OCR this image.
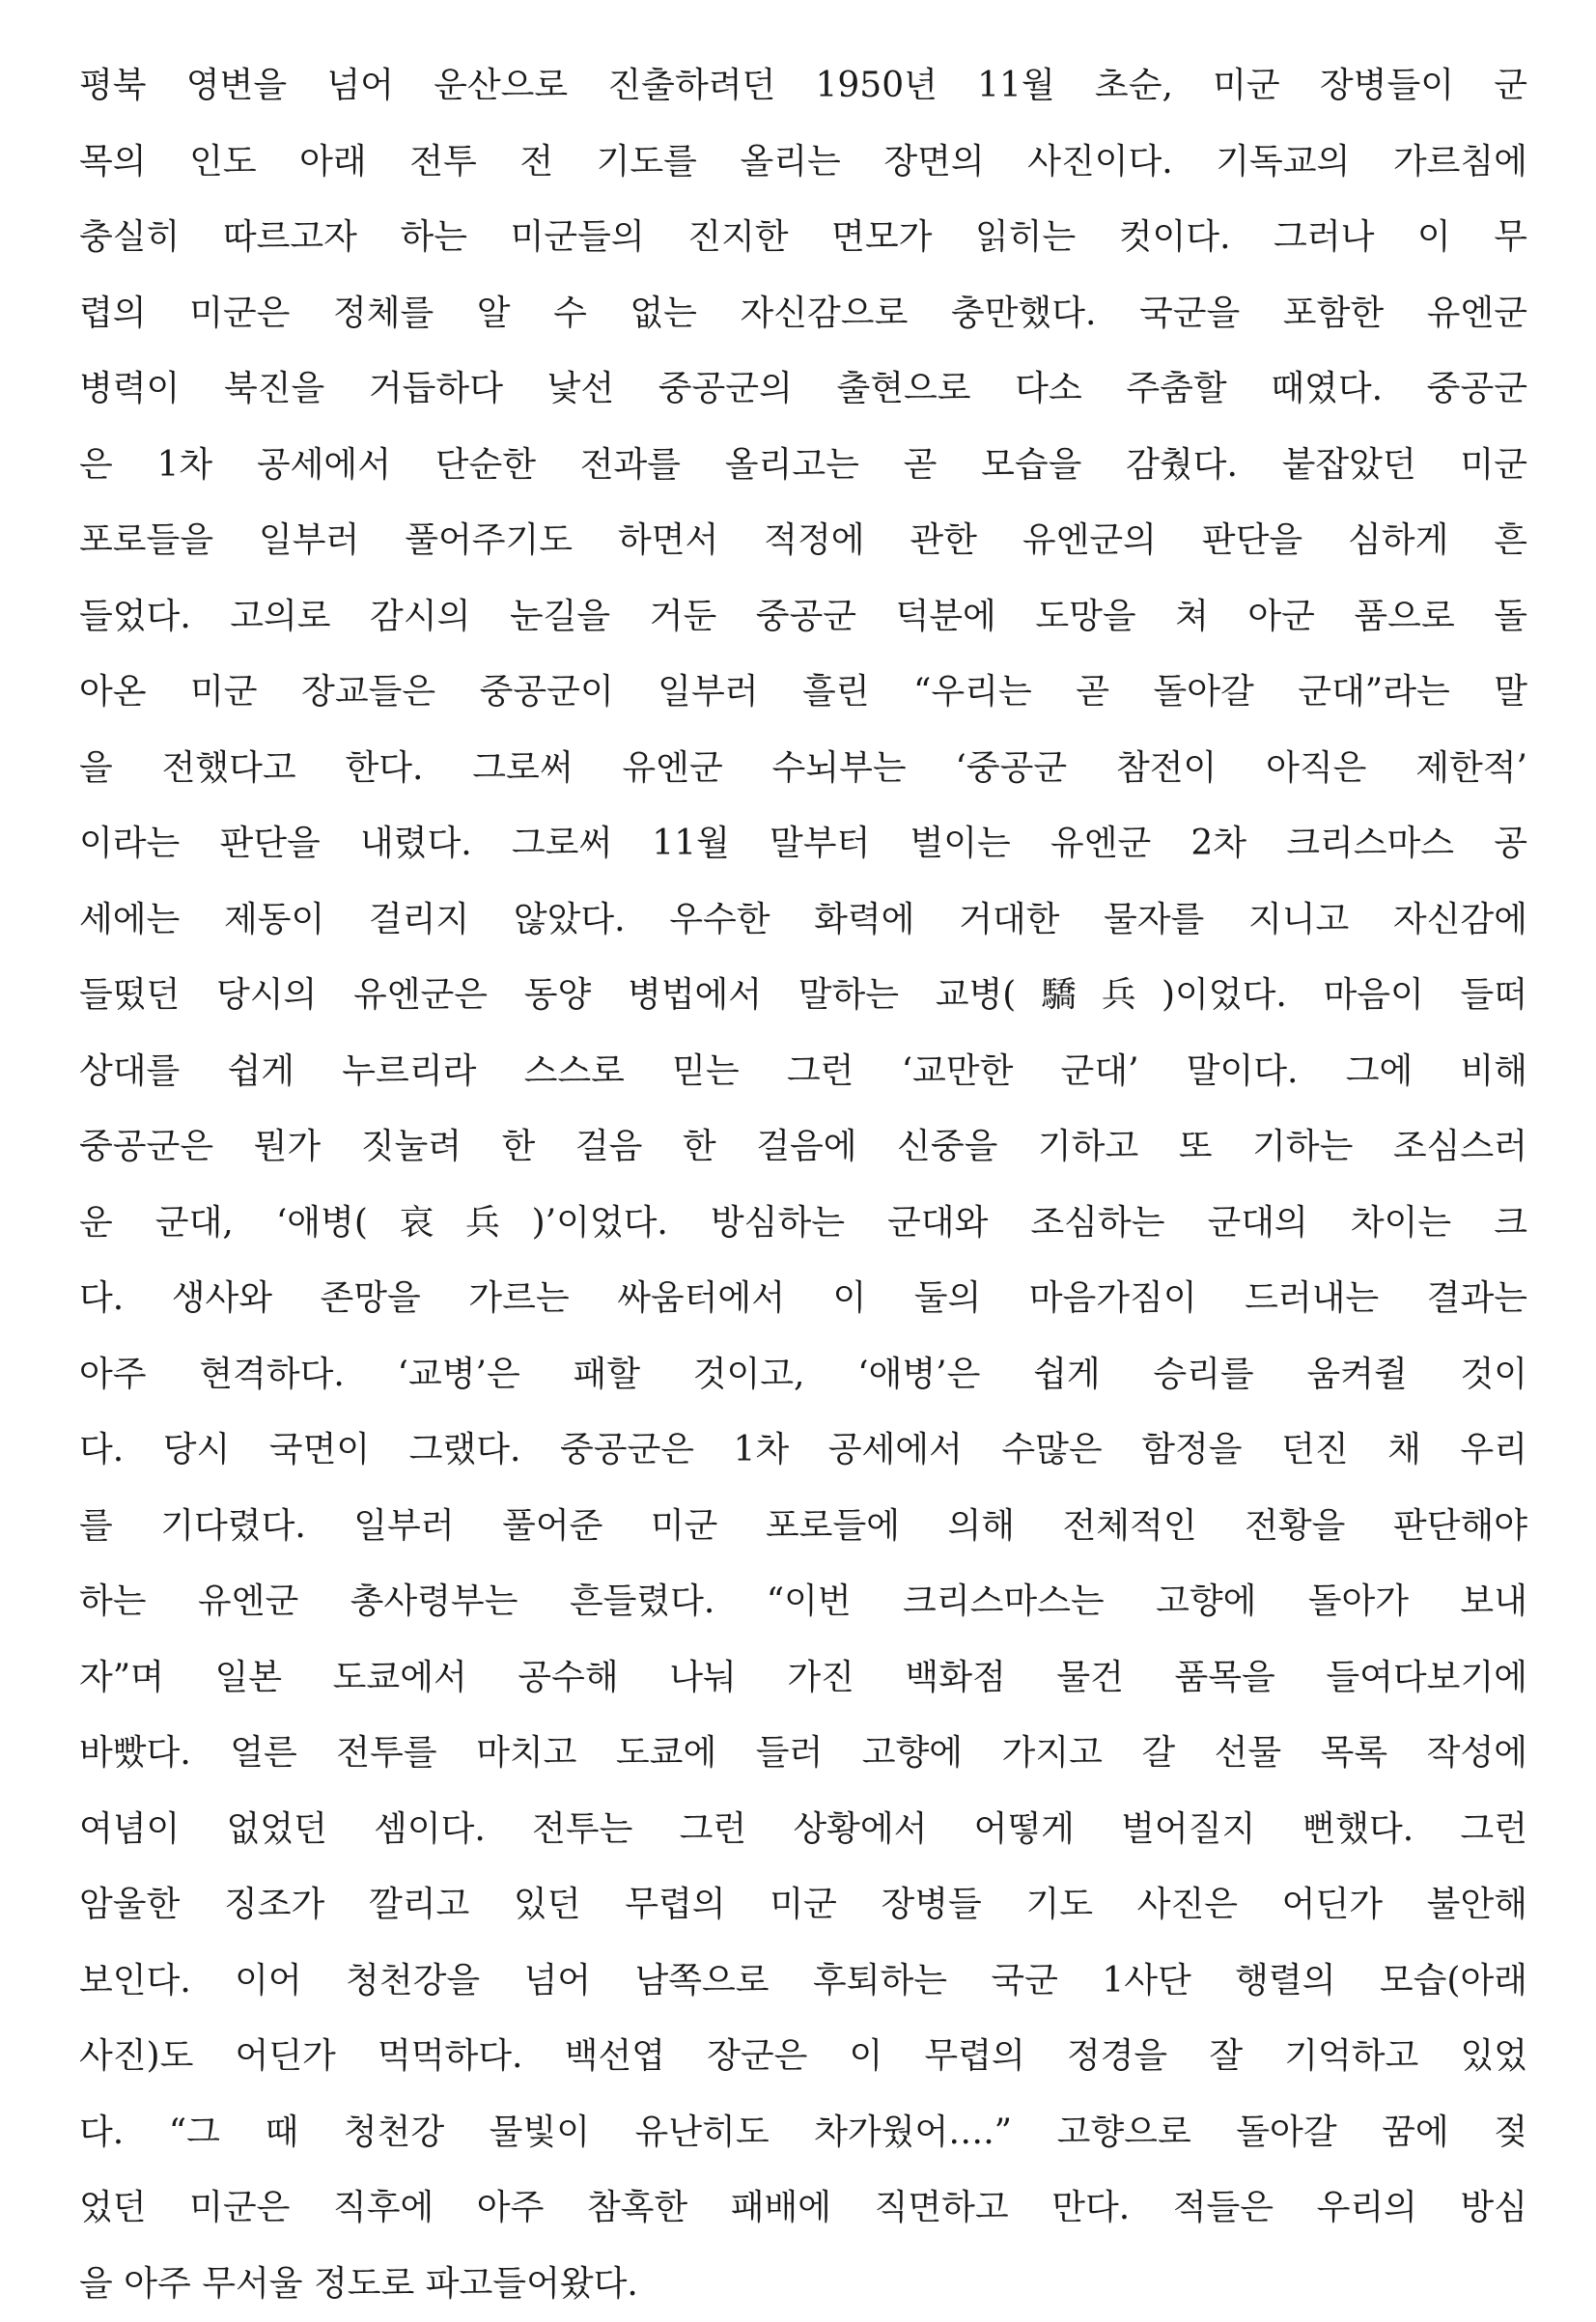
평북 영변을 넘어 운산으로 진출하려던 1950년 11월 초순, 미군 장병들이 군
목의 인도 아래 전투 전 기도를 올리는 장면의 사진이다. 기독교의 가르침에
충실히 따르고자 하는 미군들의 진지한 면모가 읽히는 컷이다. 그러나 이 무
렵의 미군은 정체를 알 수 없는 자신감으로 충만했다. 국군을 포함한 유엔군
병력이 북진을 거듭하다 낯선 중공군의 출현으로 다소 주춤할 때였다. 중공군
은 1차 공세에서 단순한 전과를 올리고는 곧 모습을 감췄다. 붙잡았던 미군
포로들을 일부러 풀어주기도 하면서 적정에 관한 유엔군의 판단을 심하게 흔
들었다. 고의로 감시의 눈길을 거둔 중공군 덕분에 도망을 쳐 아군 품으로 돌
아온 미군 장교들은 중공군이 일부러 흘린 “우리는 곧 돌아갈 군대”라는 말
을 전했다고 한다. 그로써 유엔군 수뇌부는 ‘중공군 참전이 아직은 제한적’
이라는 판단을 내렸다. 그로써 11월 말부터 벌이는 유엔군 2차 크리스마스 공
세에는 제동이 걸리지 않았다. 우수한 화력에 거대한 물자를 지니고 자신감에
들떴던 당시의 유엔군은 동양 병법에서 말하는 교병(驕兵)이었다. 마음이 들떠
상대를 쉽게 누르리라 스스로 믿는 그런 ‘교만한 군대’ 말이다. 그에 비해
중공군은 뭔가 짓눌려 한 걸음 한 걸음에 신중을 기하고 또 기하는 조심스러
운 군대, ‘애병(哀兵)’이었다. 방심하는 군대와 조심하는 군대의 차이는 크
다. 생사와 존망을 가르는 싸움터에서 이 둘의 마음가짐이 드러내는 결과는
아주 현격하다. ‘교병’은 패할 것이고, ‘애병’은 쉽게 승리를 움켜쥘 것이
다. 당시 국면이 그랬다. 중공군은 1차 공세에서 수많은 함정을 던진 채 우리
를 기다렸다. 일부러 풀어준 미군 포로들에 의해 전체적인 전황을 판단해야
하는 유엔군 총사령부는 흔들렸다. “이번 크리스마스는 고향에 돌아가 보내
자”며 일본 도쿄에서 공수해 나눠 가진 백화점 물건 품목을 들여다보기에
바빴다. 얼른 전투를 마치고 도쿄에 들러 고향에 가지고 갈 선물 목록 작성에
여념이 없었던 셈이다. 전투는 그런 상황에서 어떻게 벌어질지 뻔했다. 그런
암울한 징조가 깔리고 있던 무렵의 미군 장병들 기도 사진은 어딘가 불안해
보인다. 이어 청천강을 넘어 남쪽으로 후퇴하는 국군 1사단 행렬의 모습(아래
사진)도 어딘가 먹먹하다. 백선엽 장군은 이 무렵의 정경을 잘 기억하고 있었
다. “그 때 청천강 물빛이 유난히도 차가웠어….” 고향으로 돌아갈 꿈에 젖
었던 미군은 직후에 아주 참혹한 패배에 직면하고 만다. 적들은 우리의 방심
을 아주 무서울 정도로 파고들어왔다.
